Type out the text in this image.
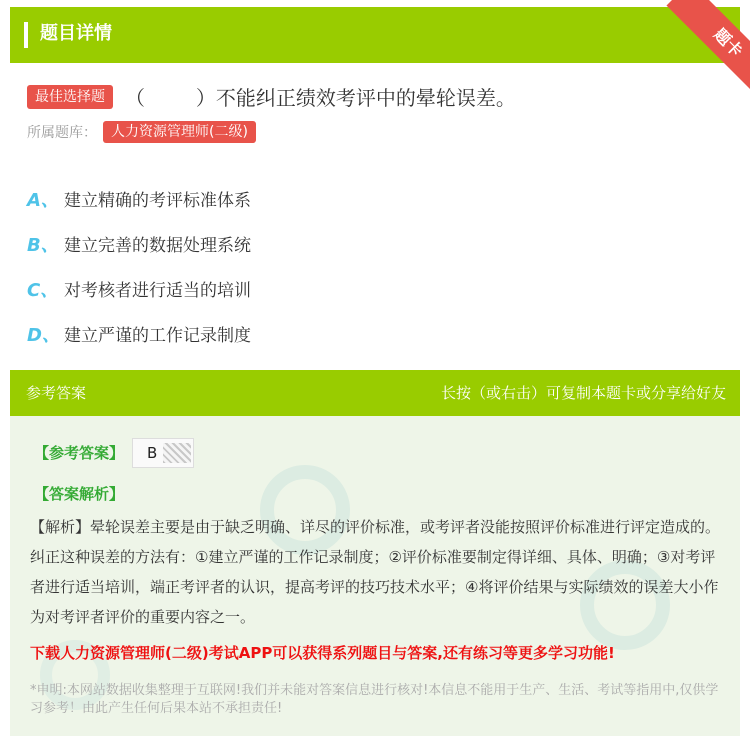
题目详情	题卡
最佳选择题	（        ）不能纠正绩效考评中的晕轮误差。
所属题库：	人力资源管理师(二级)
A、 建立精确的考评标准体系
B、 建立完善的数据处理系统
C、 对考核者进行适当的培训
D、 建立严谨的工作记录制度
参考答案	长按（或右击）可复制本题卡或分享给好友
【参考答案】	B
【答案解析】
【解析】晕轮误差主要是由于缺乏明确、详尽的评价标准，或考评者没能按照评价标准进行评定造成的。纠正这种误差的方法有：①建立严谨的工作记录制度；②评价标准要制定得详细、具体、明确；③对考评者进行适当培训，端正考评者的认识，提高考评的技巧技术水平；④将评价结果与实际绩效的误差大小作为对考评者评价的重要内容之一。
下载人力资源管理师(二级)考试APP可以获得系列题目与答案,还有练习等更多学习功能!
*申明:本网站数据收集整理于互联网!我们并未能对答案信息进行核对!本信息不能用于生产、生活、考试等指用中,仅供学习参考！由此产生任何后果本站不承担责任!
